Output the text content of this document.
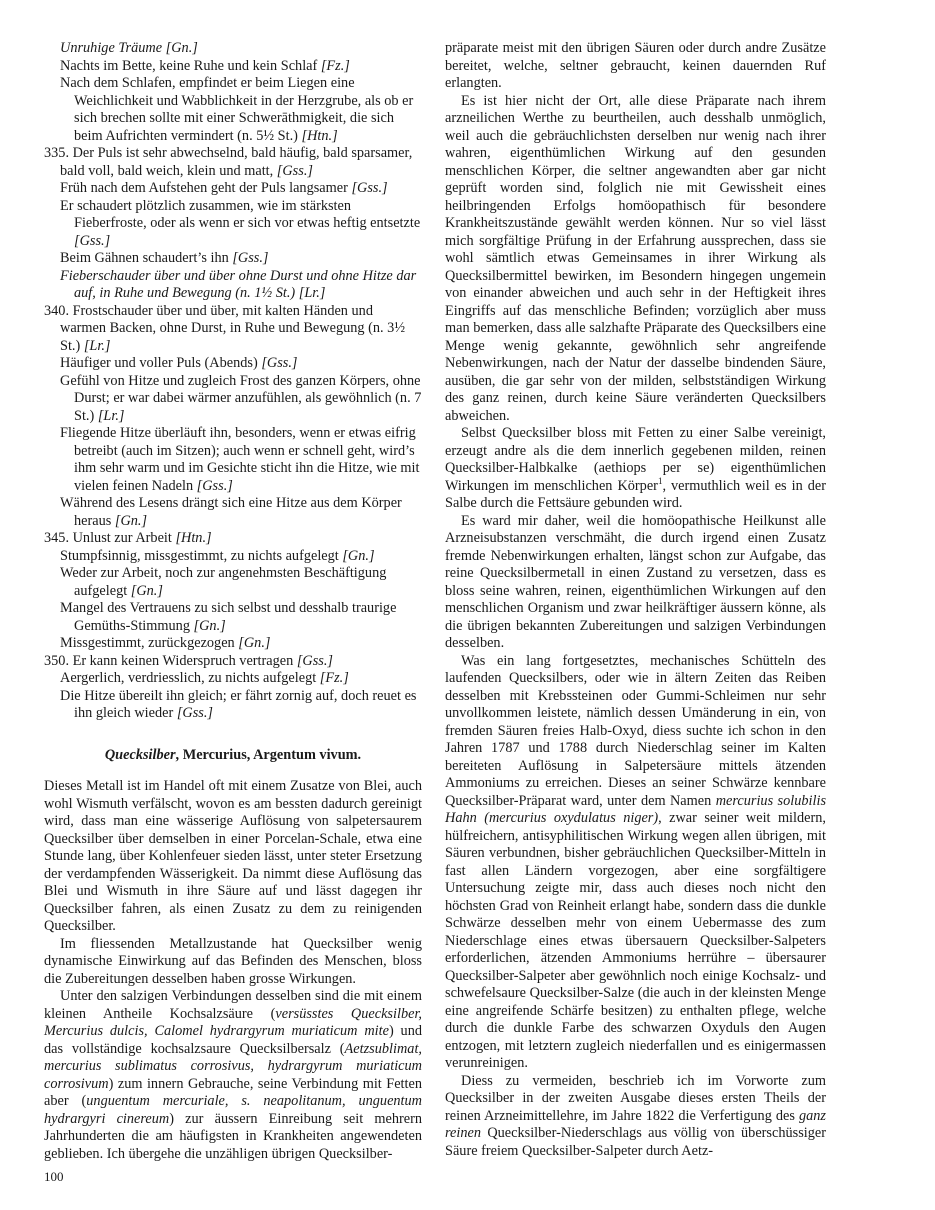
Unruhige Träume [Gn.]

Nachts im Bette, keine Ruhe und kein Schlaf [Fz.]

Nach dem Schlafen, empfindet er beim Liegen eine Weichlichkeit und Wabblichkeit in der Herzgrube, als ob er sich brechen sollte mit einer Schwerāthmigkeit, die sich beim Aufrichten vermindert (n. 5½ St.) [Htn.]

335. Der Puls ist sehr abwechselnd, bald häufig, bald sparsamer, bald voll, bald weich, klein und matt, [Gss.]

Früh nach dem Aufstehen geht der Puls langsamer [Gss.]

Er schaudert plötzlich zusammen, wie im stärksten Fieberfroste, oder als wenn er sich vor etwas heftig entsetzte [Gss.]

Beim Gähnen schaudert’s ihn [Gss.]

Fieberschauder über und über ohne Durst und ohne Hitze dar auf, in Ruhe und Bewegung (n. 1½ St.) [Lr.]

340. Frostschauder über und über, mit kalten Händen und warmen Backen, ohne Durst, in Ruhe und Bewegung (n. 3½ St.) [Lr.]

Häufiger und voller Puls (Abends) [Gss.]

Gefühl von Hitze und zugleich Frost des ganzen Körpers, ohne Durst; er war dabei wärmer anzufühlen, als gewöhnlich (n. 7 St.) [Lr.]

Fliegende Hitze überläuft ihn, besonders, wenn er etwas eifrig betreibt (auch im Sitzen); auch wenn er schnell geht, wird’s ihm sehr warm und im Gesichte sticht ihn die Hitze, wie mit vielen feinen Nadeln [Gss.]

Während des Lesens drängt sich eine Hitze aus dem Körper heraus [Gn.]

345. Unlust zur Arbeit [Htn.]

Stumpfsinnig, missgestimmt, zu nichts aufgelegt [Gn.]

Weder zur Arbeit, noch zur angenehmsten Beschäftigung aufgelegt [Gn.]

Mangel des Vertrauens zu sich selbst und desshalb traurige Gemüths-Stimmung [Gn.]

Missgestimmt, zurückgezogen [Gn.]

350. Er kann keinen Widerspruch vertragen [Gss.]

Aergerlich, verdriesslich, zu nichts aufgelegt [Fz.]

Die Hitze übereilt ihn gleich; er fährt zornig auf, doch reuet es ihn gleich wieder [Gss.]

Quecksilber, Mercurius, Argentum vivum.

Dieses Metall ist im Handel oft mit einem Zusatze von Blei, auch wohl Wismuth verfälscht, wovon es am bessten dadurch gereinigt wird, dass man eine wässerige Auflösung von salpetersaurem Quecksilber über demselben in einer Porcelan-Schale, etwa eine Stunde lang, über Kohlenfeuer sieden lässt, unter steter Ersetzung der verdampfenden Wässerigkeit. Da nimmt diese Auflösung das Blei und Wismuth in ihre Säure auf und lässt dagegen ihr Quecksilber fahren, als einen Zusatz zu dem zu reinigenden Quecksilber.

Im fliessenden Metallzustande hat Quecksilber wenig dynamische Einwirkung auf das Befinden des Menschen, bloss die Zubereitungen desselben haben grosse Wirkungen.

Unter den salzigen Verbindungen desselben sind die mit einem kleinen Antheile Kochsalzsäure (versüsstes Quecksilber, Mercurius dulcis, Calomel hydrargyrum muriaticum mite) und das vollständige kochsalzsaure Quecksilbersalz (Aetzsublimat, mercurius sublimatus corrosivus, hydrargyrum muriaticum corrosivum) zum innern Gebrauche, seine Verbindung mit Fetten aber (unguentum mercuriale, s. neapolitanum, unguentum hydrargyri cinereum) zur äussern Einreibung seit mehrern Jahrhunderten die am häufigsten in Krankheiten angewendeten geblieben. Ich übergehe die unzähligen übrigen Quecksilber-

präparate meist mit den übrigen Säuren oder durch andre Zusätze bereitet, welche, seltner gebraucht, keinen dauernden Ruf erlangten.

Es ist hier nicht der Ort, alle diese Präparate nach ihrem arzneilichen Werthe zu beurtheilen, auch desshalb unmöglich, weil auch die gebräuchlichsten derselben nur wenig nach ihrer wahren, eigenthümlichen Wirkung auf den gesunden menschlichen Körper, die seltner angewandten aber gar nicht geprüft worden sind, folglich nie mit Gewissheit eines heilbringenden Erfolgs homöopathisch für besondere Krankheitszustände gewählt werden können. Nur so viel lässt mich sorgfältige Prüfung in der Erfahrung aussprechen, dass sie wohl sämtlich etwas Gemeinsames in ihrer Wirkung als Quecksilbermittel bewirken, im Besondern hingegen ungemein von einander abweichen und auch sehr in der Heftigkeit ihres Eingriffs auf das menschliche Befinden; vorzüglich aber muss man bemerken, dass alle salzhafte Präparate des Quecksilbers eine Menge wenig gekannte, gewöhnlich sehr angreifende Nebenwirkungen, nach der Natur der dasselbe bindenden Säure, ausüben, die gar sehr von der milden, selbstständigen Wirkung des ganz reinen, durch keine Säure veränderten Quecksilbers abweichen.

Selbst Quecksilber bloss mit Fetten zu einer Salbe vereinigt, erzeugt andre als die dem innerlich gegebenen milden, reinen Quecksilber-Halbkalke (aethiops per se) eigenthümlichen Wirkungen im menschlichen Körper$^1$, vermuthlich weil es in der Salbe durch die Fettsäure gebunden wird.

Es ward mir daher, weil die homöopathische Heilkunst alle Arzneisubstanzen verschmäht, die durch irgend einen Zusatz fremde Nebenwirkungen erhalten, längst schon zur Aufgabe, das reine Quecksilbermetall in einen Zustand zu versetzen, dass es bloss seine wahren, reinen, eigenthümlichen Wirkungen auf den menschlichen Organism und zwar heilkräftiger äussern könne, als die übrigen bekannten Zubereitungen und salzigen Verbindungen desselben.

Was ein lang fortgesetztes, mechanisches Schütteln des laufenden Quecksilbers, oder wie in ältern Zeiten das Reiben desselben mit Krebssteinen oder Gummi-Schleimen nur sehr unvollkommen leistete, nämlich dessen Umänderung in ein, von fremden Säuren freies Halb-Oxyd, diess suchte ich schon in den Jahren 1787 und 1788 durch Niederschlag seiner im Kalten bereiteten Auflösung in Salpetersäure mittels ätzenden Ammoniums zu erreichen. Dieses an seiner Schwärze kennbare Quecksilber-Präparat ward, unter dem Namen mercurius solubilis Hahn (mercurius oxydulatus niger), zwar seiner weit mildern, hülfreichern, antisyphilitischen Wirkung wegen allen übrigen, mit Säuren verbundnen, bisher gebräuchlichen Quecksilber-Mitteln in fast allen Ländern vorgezogen, aber eine sorgfältigere Untersuchung zeigte mir, dass auch dieses noch nicht den höchsten Grad von Reinheit erlangt habe, sondern dass die dunkle Schwärze desselben mehr von einem Uebermasse des zum Niederschlage eines etwas übersauern Quecksilber-Salpeters erforderlichen, ätzenden Ammoniums herrühre – übersaurer Quecksilber-Salpeter aber gewöhnlich noch einige Kochsalz- und schwefelsaure Quecksilber-Salze (die auch in der kleinsten Menge eine angreifende Schärfe besitzen) zu enthalten pflege, welche durch die dunkle Farbe des schwarzen Oxyduls den Augen entzogen, mit letztern zugleich niederfallen und es einigermassen verunreinigen.

Diess zu vermeiden, beschrieb ich im Vorworte zum Quecksilber in der zweiten Ausgabe dieses ersten Theils der reinen Arzneimittellehre, im Jahre 1822 die Verfertigung des ganz reinen Quecksilber-Niederschlags aus völlig von überschüssiger Säure freiem Quecksilber-Salpeter durch Aetz-

100
